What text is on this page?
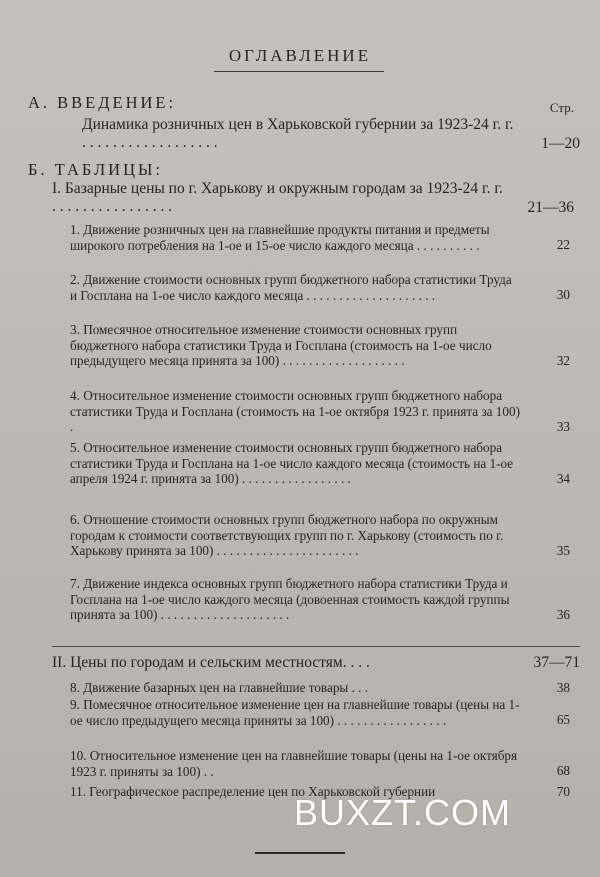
ОГЛАВЛЕНИЕ
А. ВВЕДЕНИЕ:	Стр.
Динамика розничных цен в Харьковской губернии за 1923-24 г. г. . . . . . . . . . . . . . . . . . .	1—20
Б. ТАБЛИЦЫ:
I. Базарные цены по г. Харькову и окружным городам за 1923-24 г. г. . . . . . . . . . . . . . . . .	21—36
1. Движение розничных цен на главнейшие продукты питания и предметы широкого потребления на 1-ое и 15-ое число каждого месяца . . . . . . . . . .	22
2. Движение стоимости основных групп бюджетного набора статистики Труда и Госплана на 1-ое число каждого месяца . . . . . . . . . . . . . . . . . . . .	30
3. Помесячное относительное изменение стоимости основных групп бюджетного набора статистики Труда и Госплана (стоимость на 1-ое число предыдущего месяца принята за 100) . . . . . . . . . . . . . . . . . . .	32
4. Относительное изменение стоимости основных групп бюджетного набора статистики Труда и Госплана (стоимость на 1-ое октября 1923 г. принята за 100) .	33
5. Относительное изменение стоимости основных групп бюджетного набора статистики Труда и Госплана на 1-ое число каждого месяца (стоимость на 1-ое апреля 1924 г. принята за 100) . . . . . . . . . . . . . . . . .	34
6. Отношение стоимости основных групп бюджетного набора по окружным городам к стоимости соответствующих групп по г. Харькову (стоимость по г. Харькову принята за 100) . . . . . . . . . . . . . . . . . . . . . .	35
7. Движение индекса основных групп бюджетного набора статистики Труда и Госплана на 1-ое число каждого месяца (довоенная стоимость каждой группы принята за 100) . . . . . . . . . . . . . . . . . . . .	36
II. Цены по городам и сельским местностям. . . .	37—71
8. Движение базарных цен на главнейшие товары . . .	38
9. Помесячное относительное изменение цен на главнейшие товары (цены на 1-ое число предыдущего месяца приняты за 100) . . . . . . . . . . . . . . . . .	65
10. Относительное изменение цен на главнейшие товары (цены на 1-ое октября 1923 г. приняты за 100) . .	68
11. Географическое распределение цен по Харьковской губернии	70
BUXZT.COM
